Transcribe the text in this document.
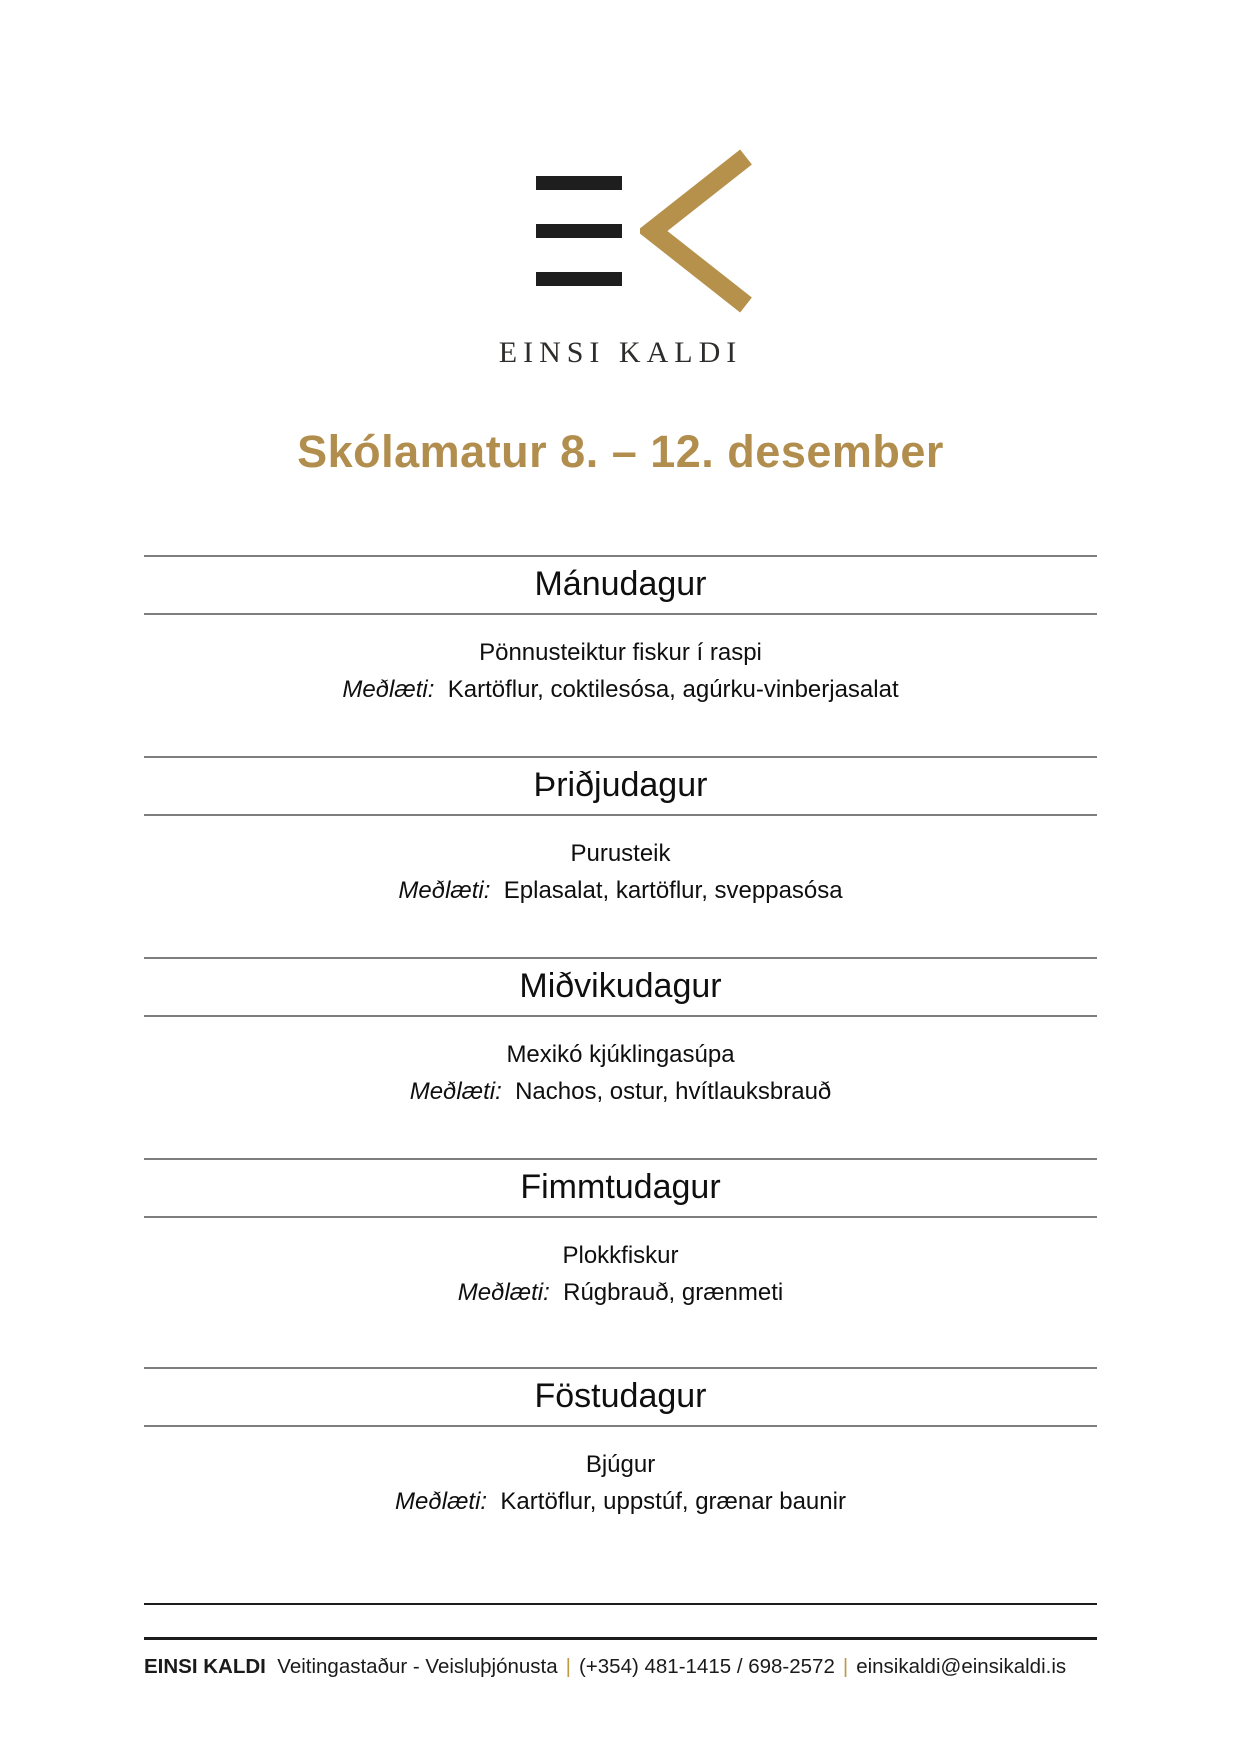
EINSI KALDI
Skólamatur 8. – 12. desember
Mánudagur
Pönnusteiktur fiskur í raspi
Meðlæti: Kartöflur, coktilesósa, agúrku-vinberjasalat
Þriðjudagur
Purusteik
Meðlæti: Eplasalat, kartöflur, sveppasósa
Miðvikudagur
Mexikó kjúklingasúpa
Meðlæti: Nachos, ostur, hvítlauksbrauð
Fimmtudagur
Plokkfiskur
Meðlæti: Rúgbrauð, grænmeti
Föstudagur
Bjúgur
Meðlæti: Kartöflur, uppstúf, grænar baunir
EINSI KALDI Veitingastaður - Veisluþjónusta | (+354) 481-1415 / 698-2572 | einsikaldi@einsikaldi.is
